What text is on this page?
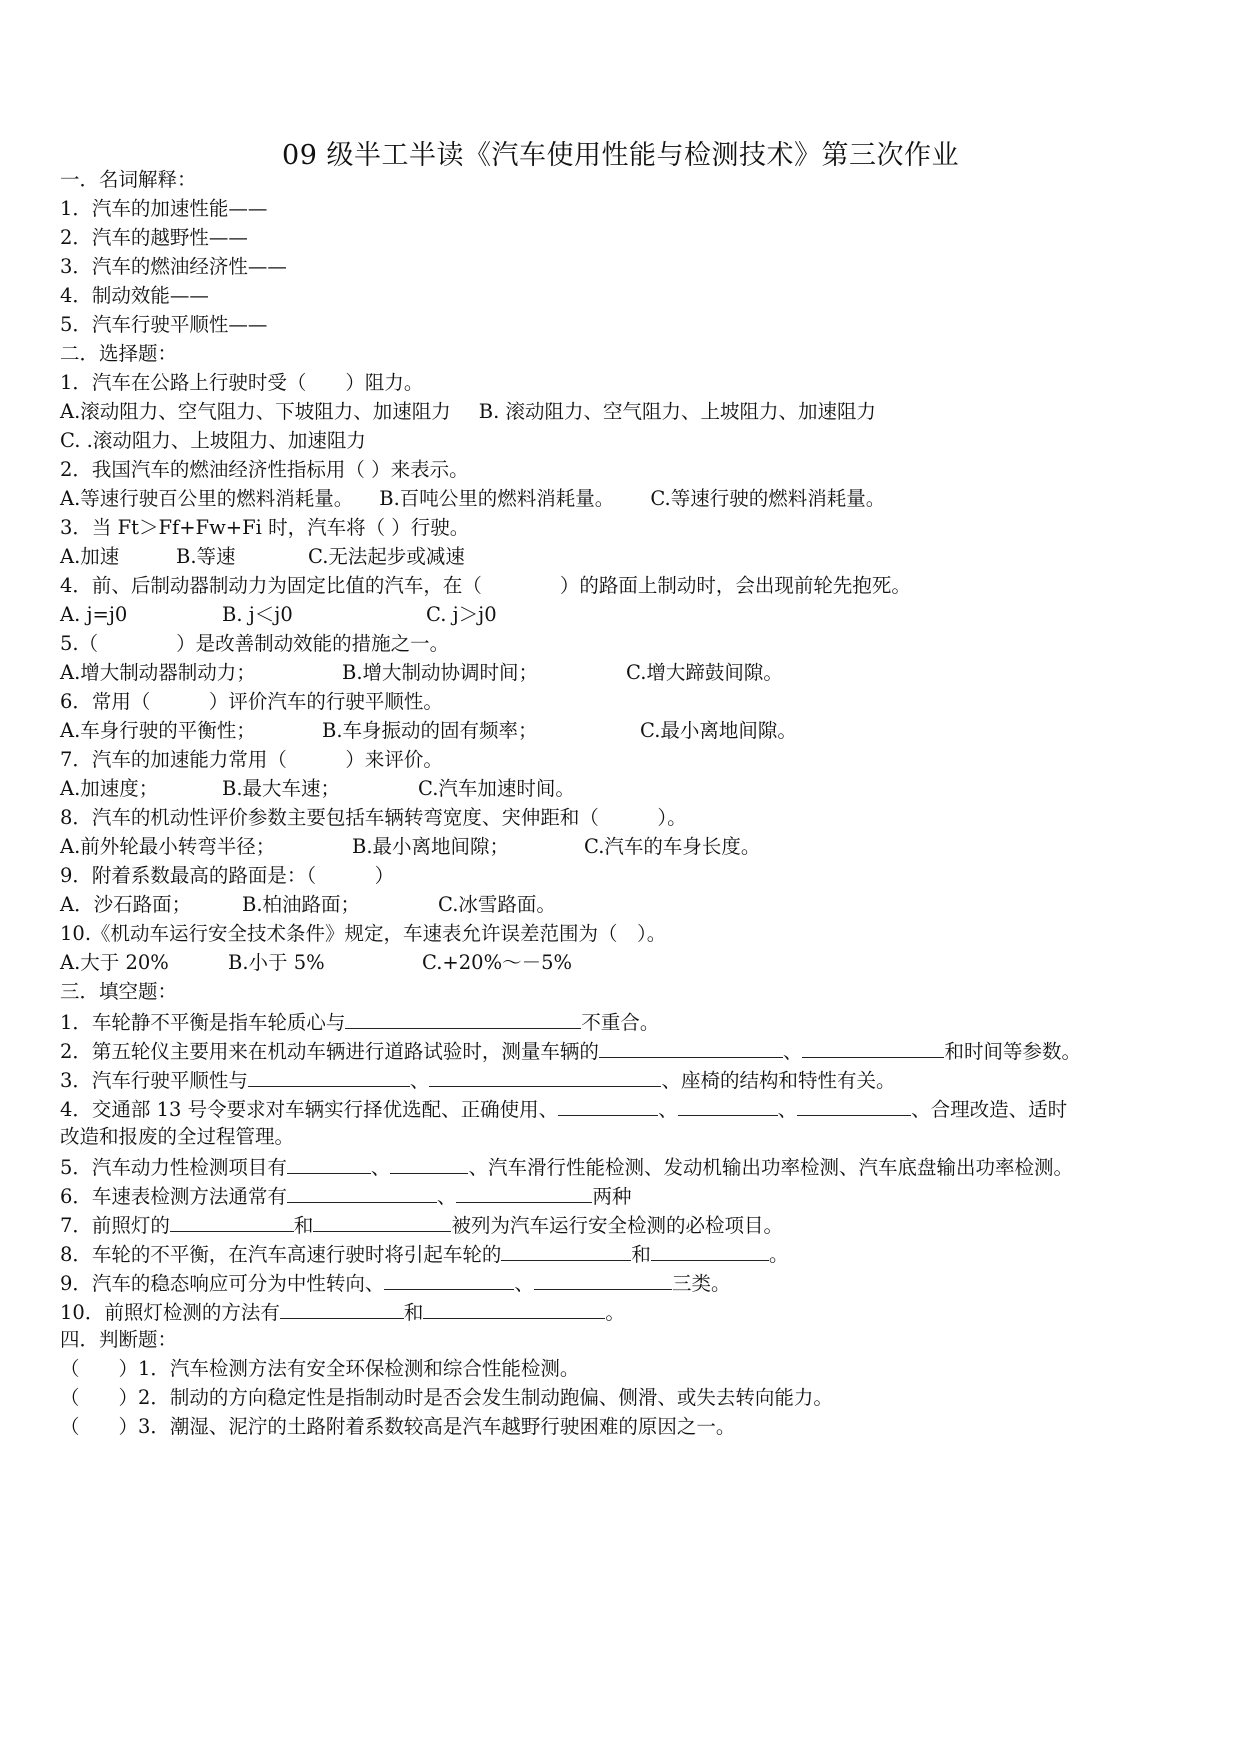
09 级半工半读《汽车使用性能与检测技术》第三次作业
一．名词解释：
1．汽车的加速性能——
2．汽车的越野性——
3．汽车的燃油经济性——
4．制动效能——
5．汽车行驶平顺性——
二．选择题：
1．汽车在公路上行驶时受（　　）阻力。
A.滚动阻力、空气阻力、下坡阻力、加速阻力 B. 滚动阻力、空气阻力、上坡阻力、加速阻力
C. .滚动阻力、上坡阻力、加速阻力
2．我国汽车的燃油经济性指标用（ ）来表示。
A.等速行驶百公里的燃料消耗量。 B.百吨公里的燃料消耗量。 C.等速行驶的燃料消耗量。
3．当 Ft＞Ff+Fw+Fi 时，汽车将（ ）行驶。
A.加速	B.等速	C.无法起步或减速
4．前、后制动器制动力为固定比值的汽车，在（　　　　）的路面上制动时，会出现前轮先抱死。
A. j=j0	B. j＜j0	C. j＞j0
5.（　　　　）是改善制动效能的措施之一。
A.增大制动器制动力；	B.增大制动协调时间；	C.增大蹄鼓间隙。
6．常用（　　　）评价汽车的行驶平顺性。
A.车身行驶的平衡性；	B.车身振动的固有频率；	C.最小离地间隙。
7．汽车的加速能力常用（　　　）来评价。
A.加速度；	B.最大车速；	C.汽车加速时间。
8．汽车的机动性评价参数主要包括车辆转弯宽度、宊伸距和（　　　）。
A.前外轮最小转弯半径；	B.最小离地间隙；	C.汽车的车身长度。
9．附着系数最高的路面是：（　　　）
A．沙石路面；	B.柏油路面；	C.冰雪路面。
10.《机动车运行安全技术条件》规定，车速表允许误差范围为（　）。
A.大于 20%	B.小于 5%	C.+20%～－5%
三．填空题：
1．车轮静不平衡是指车轮质心与	不重合。
2．第五轮仪主要用来在机动车辆进行道路试验时，测量车辆的	、	和时间等参数。
3．汽车行驶平顺性与	、	、座椅的结构和特性有关。
4．交通部 13 号令要求对车辆实行择优选配、正确使用、	、	、	、合理改造、适时
改造和报废的全过程管理。
5．汽车动力性检测项目有	、	、汽车滑行性能检测、发动机输出功率检测、汽车底盘输出功率检测。
6．车速表检测方法通常有	、	两种
7．前照灯的	和	被列为汽车运行安全检测的必检项目。
8．车轮的不平衡，在汽车高速行驶时将引起车轮的	和	。
9．汽车的稳态响应可分为中性转向、	、	三类。
10．前照灯检测的方法有	和	。
四．判断题：
（　　）1．汽车检测方法有安全环保检测和综合性能检测。
（　　）2．制动的方向稳定性是指制动时是否会发生制动跑偏、侧滑、或失去转向能力。
（　　）3．潮湿、泥泞的土路附着系数较高是汽车越野行驶困难的原因之一。
